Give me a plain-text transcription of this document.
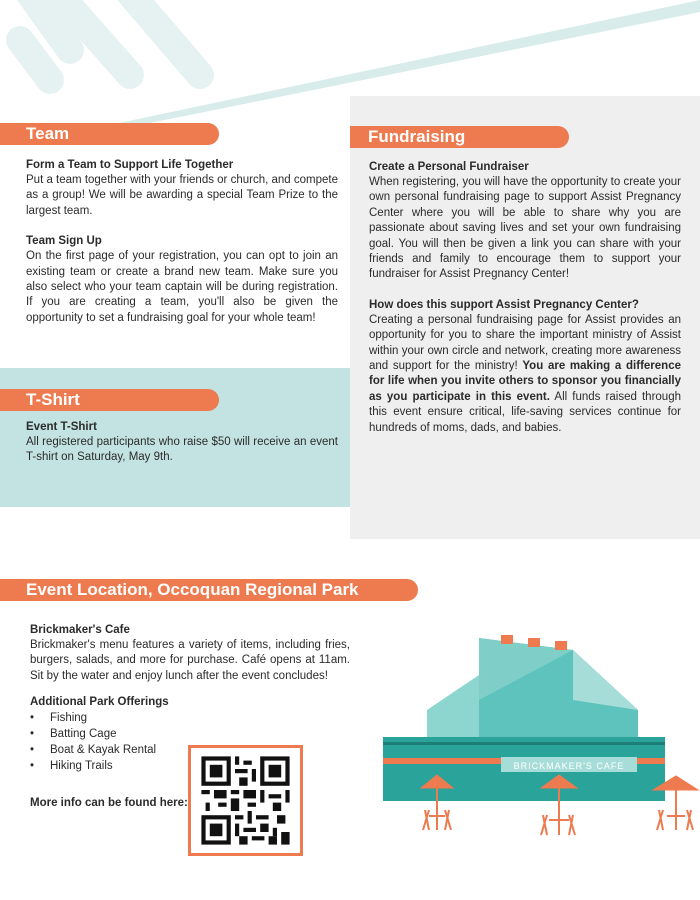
Team

Form a Team to Support Life Together

Put a team together with your friends or church, and compete as a group! We will be awarding a special Team Prize to the largest team.

Team Sign Up

On the first page of your registration, you can opt to join an existing team or create a brand new team. Make sure you also select who your team captain will be during registration. If you are creating a team, you'll also be given the opportunity to set a fundraising goal for your whole team!

T-Shirt

Event T-Shirt

All registered participants who raise $50 will receive an event T-shirt on Saturday, May 9th.

Fundraising

Create a Personal Fundraiser

When registering, you will have the opportunity to create your own personal fundraising page to support Assist Pregnancy Center where you will be able to share why you are passionate about saving lives and set your own fundraising goal. You will then be given a link you can share with your friends and family to encourage them to support your fundraiser for Assist Pregnancy Center!

How does this support Assist Pregnancy Center?

Creating a personal fundraising page for Assist provides an opportunity for you to share the important ministry of Assist within your own circle and network, creating more awareness and support for the ministry! You are making a difference for life when you invite others to sponsor you financially as you participate in this event. All funds raised through this event ensure critical, life-saving services continue for hundreds of moms, dads, and babies.

Event Location, Occoquan Regional Park

Brickmaker's Cafe

Brickmaker's menu features a variety of items, including fries, burgers, salads, and more for purchase. Café opens at 11am. Sit by the water and enjoy lunch after the event concludes!

Additional Park Offerings

• Fishing
• Batting Cage
• Boat & Kayak Rental
• Hiking Trails

More info can be found here:

BRICKMAKER'S CAFE
